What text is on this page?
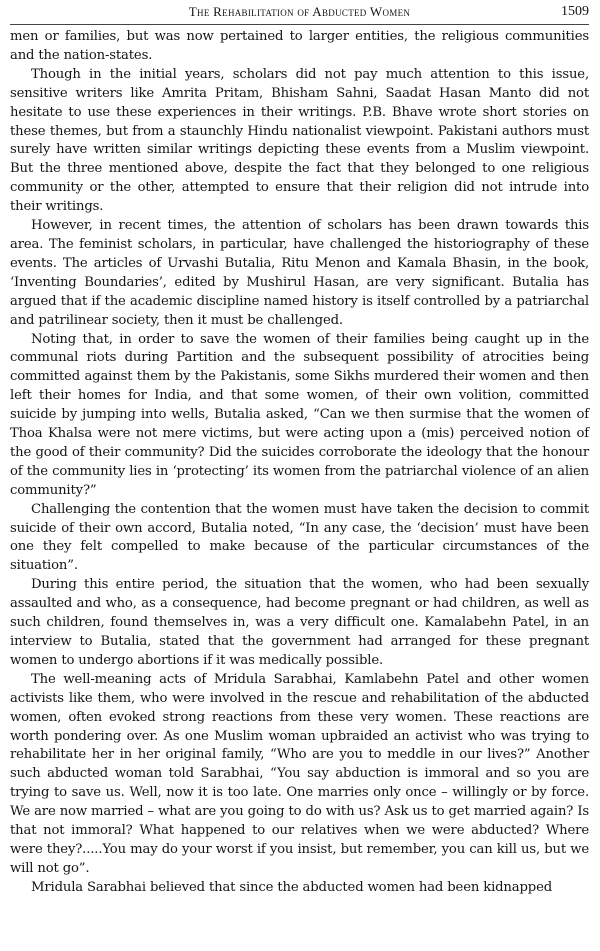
The Rehabilitation of Abducted Women	1509

men or families, but was now pertained to larger entities, the religious communities and the nation-states.

Though in the initial years, scholars did not pay much attention to this issue, sensitive writers like Amrita Pritam, Bhisham Sahni, Saadat Hasan Manto did not hesitate to use these experiences in their writings. P.B. Bhave wrote short stories on these themes, but from a staunchly Hindu nationalist viewpoint. Pakistani authors must surely have written similar writings depicting these events from a Muslim viewpoint. But the three mentioned above, despite the fact that they belonged to one religious community or the other, attempted to ensure that their religion did not intrude into their writings.

However, in recent times, the attention of scholars has been drawn towards this area. The feminist scholars, in particular, have challenged the historiography of these events. The articles of Urvashi Butalia, Ritu Menon and Kamala Bhasin, in the book, ‘Inventing Boundaries’, edited by Mushirul Hasan, are very significant. Butalia has argued that if the academic discipline named history is itself controlled by a patriarchal and patrilinear society, then it must be challenged.

Noting that, in order to save the women of their families being caught up in the communal riots during Partition and the subsequent possibility of atrocities being committed against them by the Pakistanis, some Sikhs murdered their women and then left their homes for India, and that some women, of their own volition, committed suicide by jumping into wells, Butalia asked, “Can we then surmise that the women of Thoa Khalsa were not mere victims, but were acting upon a (mis) perceived notion of the good of their community? Did the suicides corroborate the ideology that the honour of the community lies in ‘protecting’ its women from the patriarchal violence of an alien community?”

Challenging the contention that the women must have taken the decision to commit suicide of their own accord, Butalia noted, “In any case, the ‘decision’ must have been one they felt compelled to make because of the particular circumstances of the situation”.

During this entire period, the situation that the women, who had been sexually assaulted and who, as a consequence, had become pregnant or had children, as well as such children, found themselves in, was a very difficult one. Kamalabehn Patel, in an interview to Butalia, stated that the government had arranged for these pregnant women to undergo abortions if it was medically possible.

The well-meaning acts of Mridula Sarabhai, Kamlabehn Patel and other women activists like them, who were involved in the rescue and rehabilitation of the abducted women, often evoked strong reactions from these very women. These reactions are worth pondering over. As one Muslim woman upbraided an activist who was trying to rehabilitate her in her original family, “Who are you to meddle in our lives?” Another such abducted woman told Sarabhai, “You say abduction is immoral and so you are trying to save us. Well, now it is too late. One marries only once – willingly or by force. We are now married – what are you going to do with us? Ask us to get married again? Is that not immoral? What happened to our relatives when we were abducted? Where were they?.....You may do your worst if you insist, but remember, you can kill us, but we will not go”.

Mridula Sarabhai believed that since the abducted women had been kidnapped
